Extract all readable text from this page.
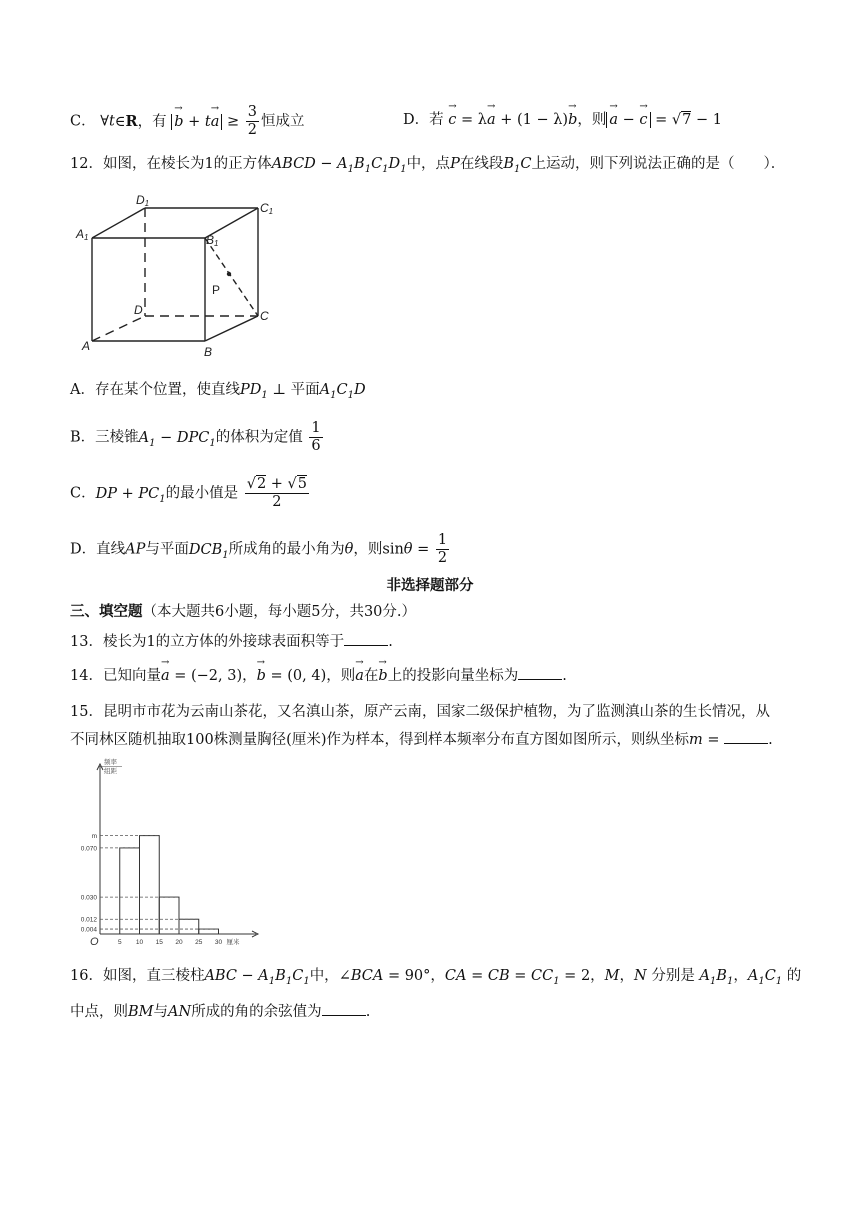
C． ∀t∈R，有 → $b + t\to a \ge \frac{3}{2}$ 恒成立	D．若 → c = λ→ a + (1 − λ)→ b，则 → a − → c = √7 − 1
12．如图，在棱长为1的正方体ABCD − $A_1B_1C_1D_1$中，点P在线段$B_1C$上运动，则下列说法正确的是（　　）．
D1	C1
A1	B1
P
D	C
A	B
A．存在某个位置，使直线$PD_1$ ⊥ 平面$A_1C_1D$
B．三棱锥$A_1 - DPC_1$的体积为定值 $\frac{1}{6}$
C．DP + $PC_1$的最小值是 $\frac{√2 + √5}{2}$
D．直线AP与平面$DCB_1$所成角的最小角为θ，则$\sin\theta = \frac{1}{2}$
非选择题部分
三、填空题（本大题共6小题，每小题5分，共30分.）
13．棱长为1的立方体的外接球表面积等于	.
14．已知向量→ a = (−2, 3)，→ b = (0, 4)，则→ a在→ b上的投影向量坐标为	.
15．昆明市市花为云南山茶花，又名滇山茶，原产云南，国家二级保护植物，为了监测滇山茶的生长情况，从
不同林区随机抽取100株测量胸径(厘米)作为样本，得到样本频率分布直方图如图所示，则纵坐标m =	.
频率
组距
m
0.070
0.030
0.012
0.004
5 10 15 20 25 30 厘米
O
16．如图，直三棱柱ABC − $A_1B_1C_1$中，∠BCA = 90°，CA = CB = $CC_1 = 2$，M，N 分别是 $A_1B_1$，$A_1C_1$ 的
中点，则BM与AN所成的角的余弦值为	.
